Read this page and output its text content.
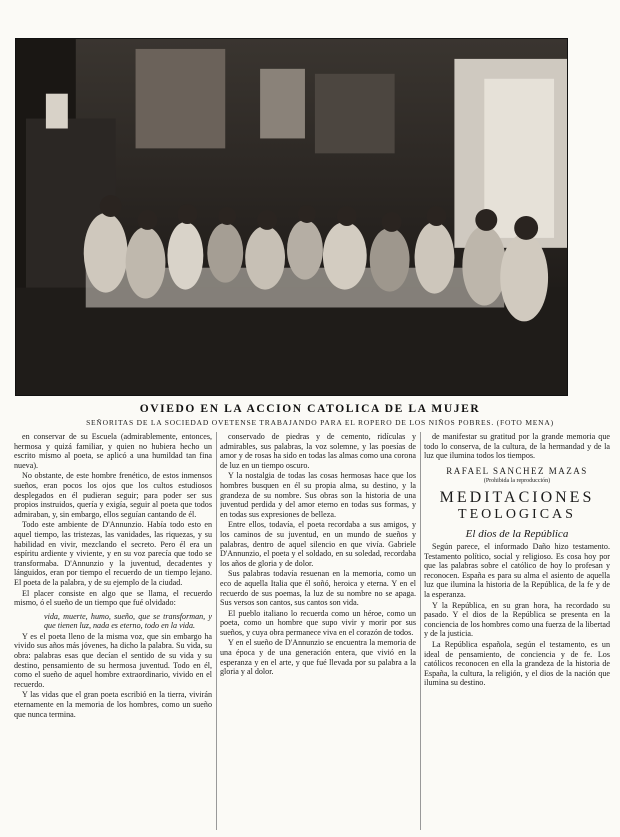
OVIEDO EN LA ACCION CATOLICA DE LA MUJER
SEÑORITAS DE LA SOCIEDAD OVETENSE TRABAJANDO PARA EL ROPERO DE LOS NIÑOS POBRES. (FOTO MENA)

en conservar de su Escuela (admirablemente, entonces, hermosa y quizá familiar, y quien no hubiera hecho un escrito mismo al poeta, se aplicó a una humildad tan fina nueva).

No obstante, de este hombre frenético, de estos inmensos sueños, eran pocos los ojos que los cultos estudiosos desplegados en él pudieran seguir; para poder ser sus propios instruidos, quería y exigía, seguir al poeta que todos admiraban, y, sin embargo, ellos seguían cantando de él.

Todo este ambiente de D'Annunzio. Había todo esto en aquel tiempo, las tristezas, las vanidades, las riquezas, y su habilidad en vivir, mezclando el secreto. Pero él era un espíritu ardiente y viviente, y en su voz parecía que todo se transformaba. D'Annunzio y la juventud, decadentes y lánguidos, eran por tiempo el recuerdo de un tiempo lejano. El poeta de la palabra, y de su ejemplo de la ciudad.

El placer consiste en algo que se llama, el recuerdo mismo, ó el sueño de un tiempo que fué olvidado:

vida, muerte, humo, sueño, que se transforman, y que tienen luz, nada es eterno, todo en la vida.

Y es el poeta lleno de la misma voz, que sin embargo ha vivido sus años más jóvenes, ha dicho la palabra. Su vida, su obra: palabras esas que decían el sentido de su vida y su destino, pensamiento de su hermosa juventud. Todo en él, como el sueño de aquel hombre extraordinario, vivido en el recuerdo.

Y las vidas que el gran poeta escribió en la tierra, vivirán eternamente en la memoria de los hombres, como un sueño que nunca termina.

conservado de piedras y de cemento, ridículas y admirables, sus palabras, la voz solemne, y las poesías de amor y de rosas ha sido en todas las almas como una corona de luz en un tiempo oscuro.

Y la nostalgia de todas las cosas hermosas hace que los hombres busquen en él su propia alma, su destino, y la grandeza de su nombre. Sus obras son la historia de una juventud perdida y del amor eterno en todas sus formas, y en todas sus expresiones de belleza.

Entre ellos, todavía, el poeta recordaba a sus amigos, y los caminos de su juventud, en un mundo de sueños y palabras, dentro de aquel silencio en que vivía. Gabriele D'Annunzio, el poeta y el soldado, en su soledad, recordaba los años de gloria y de dolor.

Sus palabras todavía resuenan en la memoria, como un eco de aquella Italia que él soñó, heroica y eterna. Y en el recuerdo de sus poemas, la luz de su nombre no se apaga. Sus versos son cantos, sus cantos son vida.

El pueblo italiano lo recuerda como un héroe, como un poeta, como un hombre que supo vivir y morir por sus sueños, y cuya obra permanece viva en el corazón de todos.

Y en el sueño de D'Annunzio se encuentra la memoria de una época y de una generación entera, que vivió en la esperanza y en el arte, y que fué llevada por su palabra a la gloria y al dolor.

de manifestar su gratitud por la grande memoria que todo lo conserva, de la cultura, de la hermandad y de la luz que ilumina todos los tiempos.

RAFAEL SANCHEZ MAZAS

(Prohibida la reproducción)

MEDITACIONES

TEOLOGICAS

El dios de la República

Según parece, el informado Daño hizo testamento. Testamento político, social y religioso. Es cosa hoy por que las palabras sobre el católico de hoy lo profesan y reconocen. España es para su alma el asiento de aquella luz que ilumina la historia de la República, de la fe y de la esperanza.

Y la República, en su gran hora, ha recordado su pasado. Y el dios de la República se presenta en la conciencia de los hombres como una fuerza de la libertad y de la justicia.

La República española, según el testamento, es un ideal de pensamiento, de conciencia y de fe. Los católicos reconocen en ella la grandeza de la historia de España, la cultura, la religión, y el dios de la nación que ilumina su destino.
